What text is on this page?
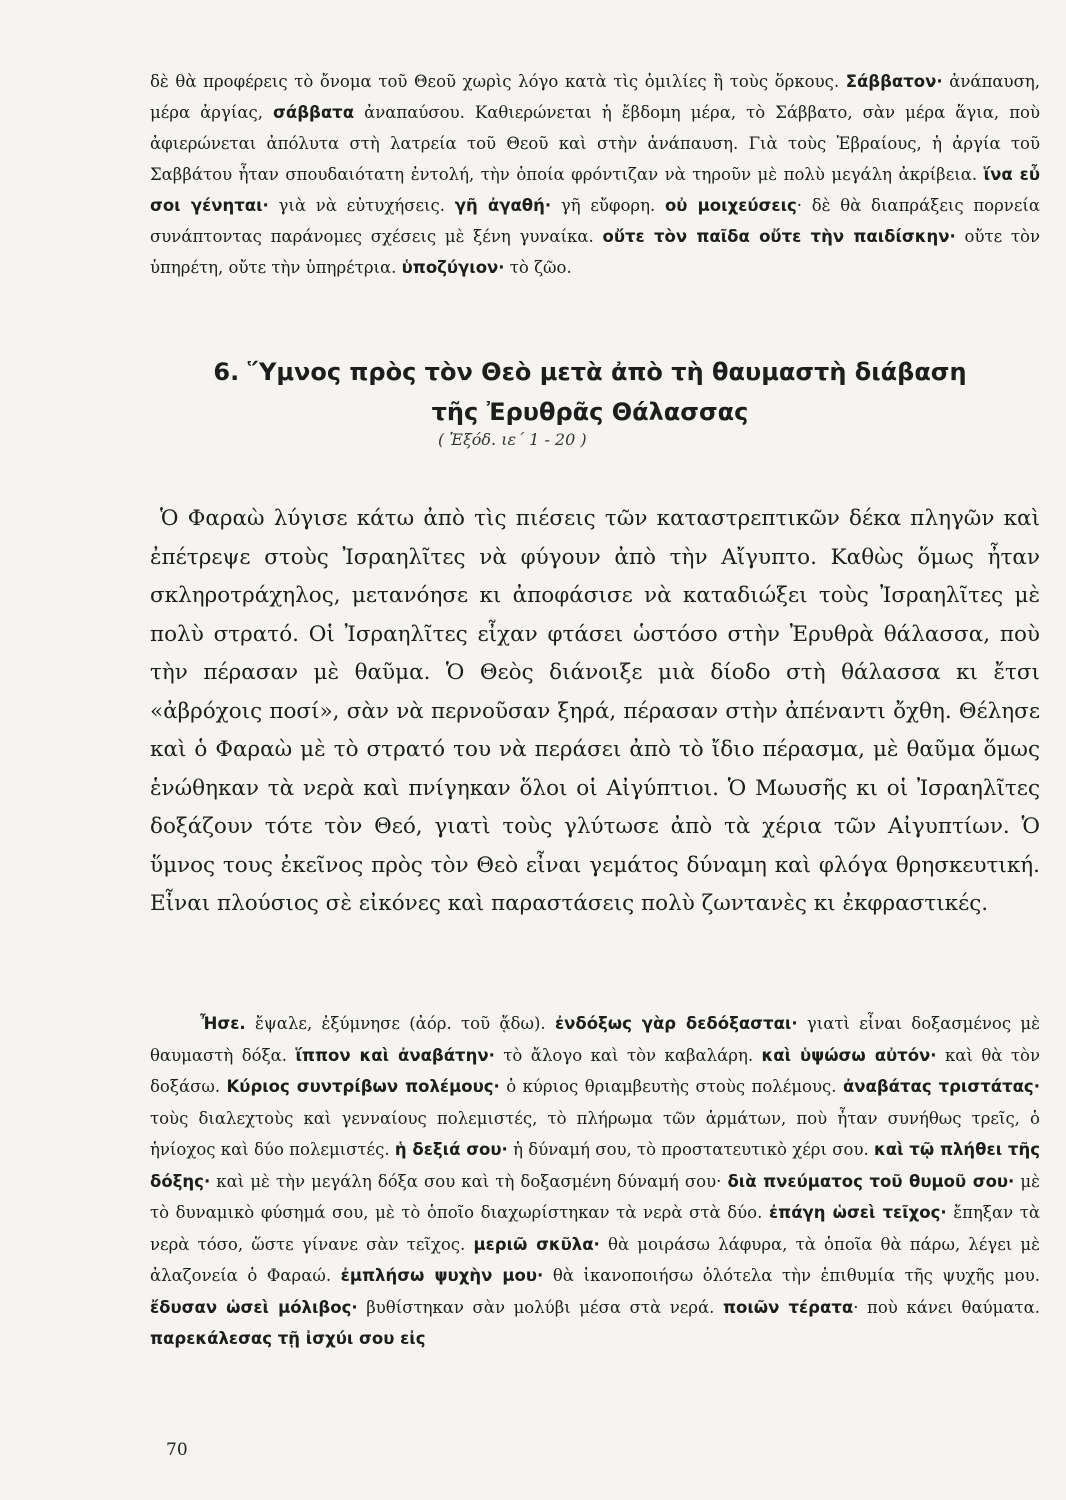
δὲ θὰ προφέρεις τὸ ὄνομα τοῦ Θεοῦ χωρὶς λόγο κατὰ τὶς ὁμιλίες ἢ τοὺς ὅρκους. Σάββατον· ἀνάπαυση, μέρα ἀργίας, σάββατα ἀναπαύσου. Καθιερώνεται ἡ ἔβδομη μέρα, τὸ Σάββατο, σὰν μέρα ἅγια, ποὺ ἀφιερώνεται ἀπόλυτα στὴ λατρεία τοῦ Θεοῦ καὶ στὴν ἀνάπαυση. Γιὰ τοὺς Ἑβραίους, ἡ ἀργία τοῦ Σαββάτου ἦταν σπουδαιότατη ἐντολή, τὴν ὁποία φρόντιζαν νὰ τηροῦν μὲ πολὺ μεγάλη ἀκρίβεια. ἵνα εὖ σοι γένηται· γιὰ νὰ εὐτυχήσεις. γῆ ἀγαθή· γῆ εὔφορη. οὐ μοιχεύσεις· δὲ θὰ διαπράξεις πορνεία συνάπτοντας παράνομες σχέσεις μὲ ξένη γυναίκα. οὔτε τὸν παῖδα οὔτε τὴν παιδίσκην· οὔτε τὸν ὑπηρέτη, οὔτε τὴν ὑπηρέτρια. ὑποζύγιον· τὸ ζῶο.

6. Ὕμνος πρὸς τὸν Θεὸ μετὰ ἀπὸ τὴ θαυμαστὴ διάβαση
τῆς Ἐρυθρᾶς Θάλασσας
( Ἐξόδ. ιε΄ 1 - 20 )

Ὁ Φαραὼ λύγισε κάτω ἀπὸ τὶς πιέσεις τῶν καταστρεπτικῶν δέκα πληγῶν καὶ ἐπέτρεψε στοὺς Ἰσραηλῖτες νὰ φύγουν ἀπὸ τὴν Αἴγυπτο. Καθὼς ὅμως ἦταν σκληροτράχηλος, μετανόησε κι ἀποφάσισε νὰ καταδιώξει τοὺς Ἰσραηλῖτες μὲ πολὺ στρατό. Οἱ Ἰσραηλῖτες εἶχαν φτάσει ὡστόσο στὴν Ἐρυθρὰ θάλασσα, ποὺ τὴν πέρασαν μὲ θαῦμα. Ὁ Θεὸς διάνοιξε μιὰ δίοδο στὴ θάλασσα κι ἔτσι «ἀβρόχοις ποσί», σὰν νὰ περνοῦσαν ξηρά, πέρασαν στὴν ἀπέναντι ὄχθη. Θέλησε καὶ ὁ Φαραὼ μὲ τὸ στρατό του νὰ περάσει ἀπὸ τὸ ἴδιο πέρασμα, μὲ θαῦμα ὅμως ἑνώθηκαν τὰ νερὰ καὶ πνίγηκαν ὅλοι οἱ Αἰγύπτιοι. Ὁ Μωυσῆς κι οἱ Ἰσραηλῖτες δοξάζουν τότε τὸν Θεό, γιατὶ τοὺς γλύτωσε ἀπὸ τὰ χέρια τῶν Αἰγυπτίων. Ὁ ὕμνος τους ἐκεῖνος πρὸς τὸν Θεὸ εἶναι γεμάτος δύναμη καὶ φλόγα θρησκευτική. Εἶναι πλούσιος σὲ εἰκόνες καὶ παραστάσεις πολὺ ζωντανὲς κι ἐκφραστικές.

Ἦσε. ἔψαλε, ἐξύμνησε (ἀόρ. τοῦ ᾄδω). ἐνδόξως γὰρ δεδόξασται· γιατὶ εἶναι δοξασμένος μὲ θαυμαστὴ δόξα. ἵππον καὶ ἀναβάτην· τὸ ἄλογο καὶ τὸν καβαλάρη. καὶ ὑψώσω αὐτόν· καὶ θὰ τὸν δοξάσω. Κύριος συντρίβων πολέμους· ὁ κύριος θριαμβευτὴς στοὺς πολέμους. ἀναβάτας τριστάτας· τοὺς διαλεχτοὺς καὶ γενναίους πολεμιστές, τὸ πλήρωμα τῶν ἁρμάτων, ποὺ ἦταν συνήθως τρεῖς, ὁ ἡνίοχος καὶ δύο πολεμιστές. ἡ δεξιά σου· ἡ δύναμή σου, τὸ προστατευτικὸ χέρι σου. καὶ τῷ πλήθει τῆς δόξης· καὶ μὲ τὴν μεγάλη δόξα σου καὶ τὴ δοξασμένη δύναμή σου· διὰ πνεύματος τοῦ θυμοῦ σου· μὲ τὸ δυναμικὸ φύσημά σου, μὲ τὸ ὁποῖο διαχωρίστηκαν τὰ νερὰ στὰ δύο. ἐπάγη ὡσεὶ τεῖχος· ἔπηξαν τὰ νερὰ τόσο, ὥστε γίνανε σὰν τεῖχος. μεριῶ σκῦλα· θὰ μοιράσω λάφυρα, τὰ ὁποῖα θὰ πάρω, λέγει μὲ ἀλαζονεία ὁ Φαραώ. ἐμπλήσω ψυχὴν μου· θὰ ἱκανοποιήσω ὁλότελα τὴν ἐπιθυμία τῆς ψυχῆς μου. ἔδυσαν ὡσεὶ μόλιβος· βυθίστηκαν σὰν μολύβι μέσα στὰ νερά. ποιῶν τέρατα· ποὺ κάνει θαύματα. παρεκάλεσας τῇ ἰσχύι σου εἰς

70
